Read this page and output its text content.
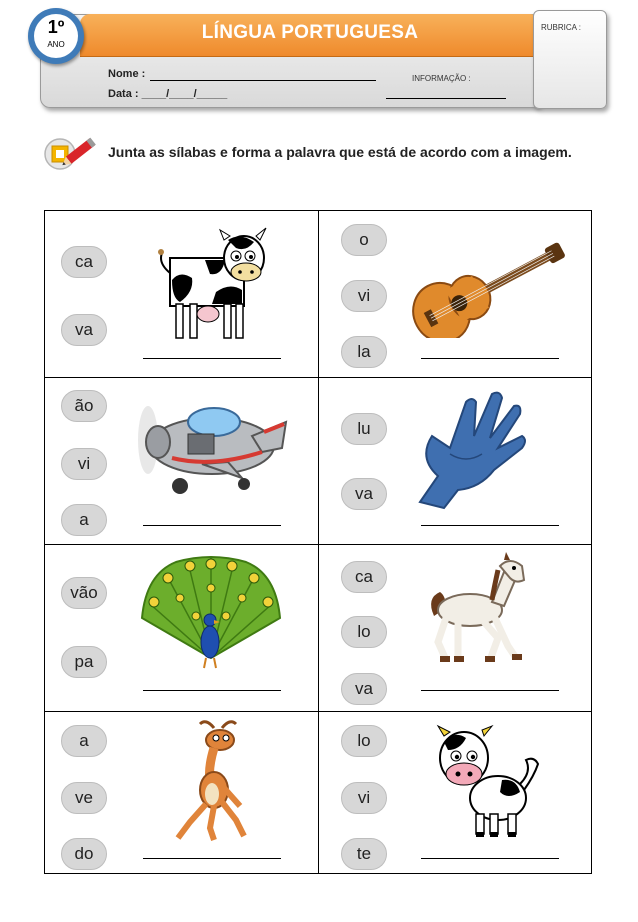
LÍNGUA PORTUGUESA
1º
ANO
Nome :
Data : ____/____/_____
INFORMAÇÃO :
RUBRICA :
Junta as sílabas e forma a palavra que está de acordo com a imagem.
ca
va
o
vi
la
ão
vi
a
lu
va
vão
pa
ca
lo
va
a
ve
do
lo
vi
te
